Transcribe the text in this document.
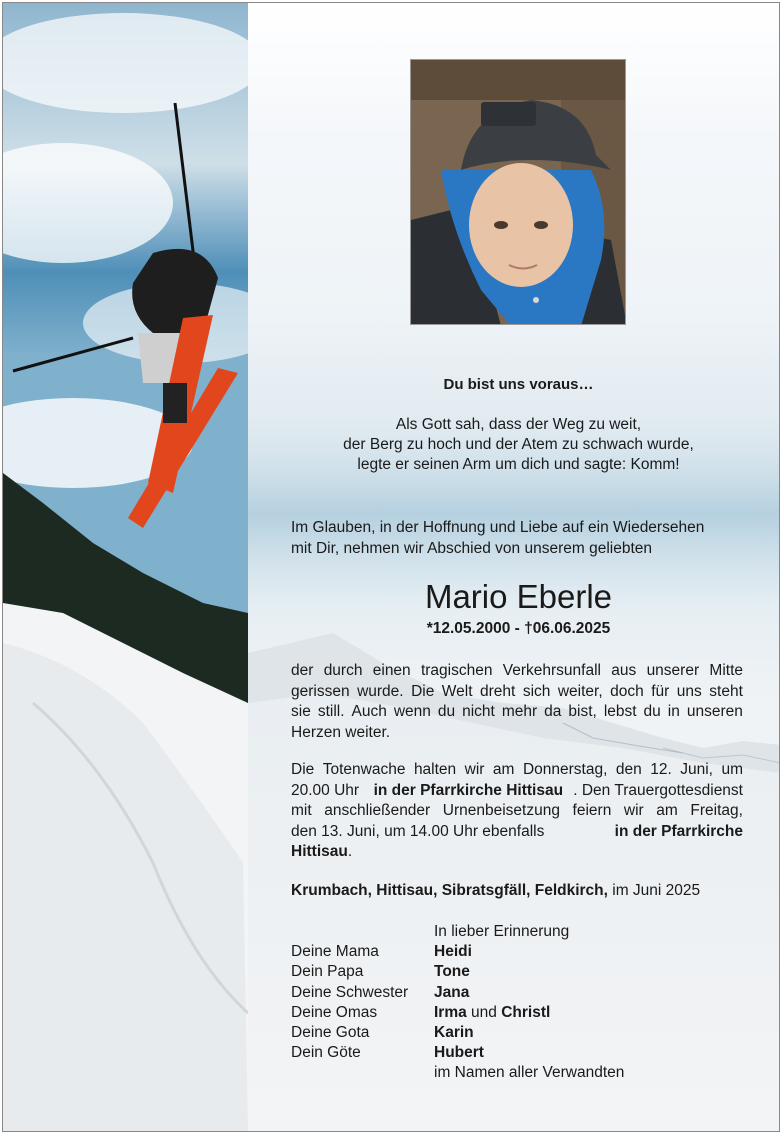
Du bist uns voraus…
Als Gott sah, dass der Weg zu weit,
der Berg zu hoch und der Atem zu schwach wurde,
legte er seinen Arm um dich und sagte: Komm!
Im Glauben, in der Hoffnung und Liebe auf ein Wiedersehen
mit Dir, nehmen wir Abschied von unserem geliebten
Mario Eberle
*12.05.2000 - †06.06.2025
der durch einen tragischen Verkehrsunfall aus unserer Mitte
gerissen wurde. Die Welt dreht sich weiter, doch für uns steht
sie still. Auch wenn du nicht mehr da bist, lebst du in unseren
Herzen weiter.
Die Totenwache halten wir am Donnerstag, den 12. Juni, um
20.00 Uhr in der Pfarrkirche Hittisau . Den Trauergottesdienst
mit anschließender Urnenbeisetzung feiern wir am Freitag,
den 13. Juni, um 14.00 Uhr ebenfalls	in der Pfarrkirche
Hittisau .
Krumbach, Hittisau, Sibratsgfäll, Feldkirch, im Juni 2025
In lieber Erinnerung
Deine Mama	Heidi
Dein Papa	Tone
Deine Schwester	Jana
Deine Omas	Irma und Christl
Deine Gota	Karin
Dein Göte	Hubert
im Namen aller Verwandten
